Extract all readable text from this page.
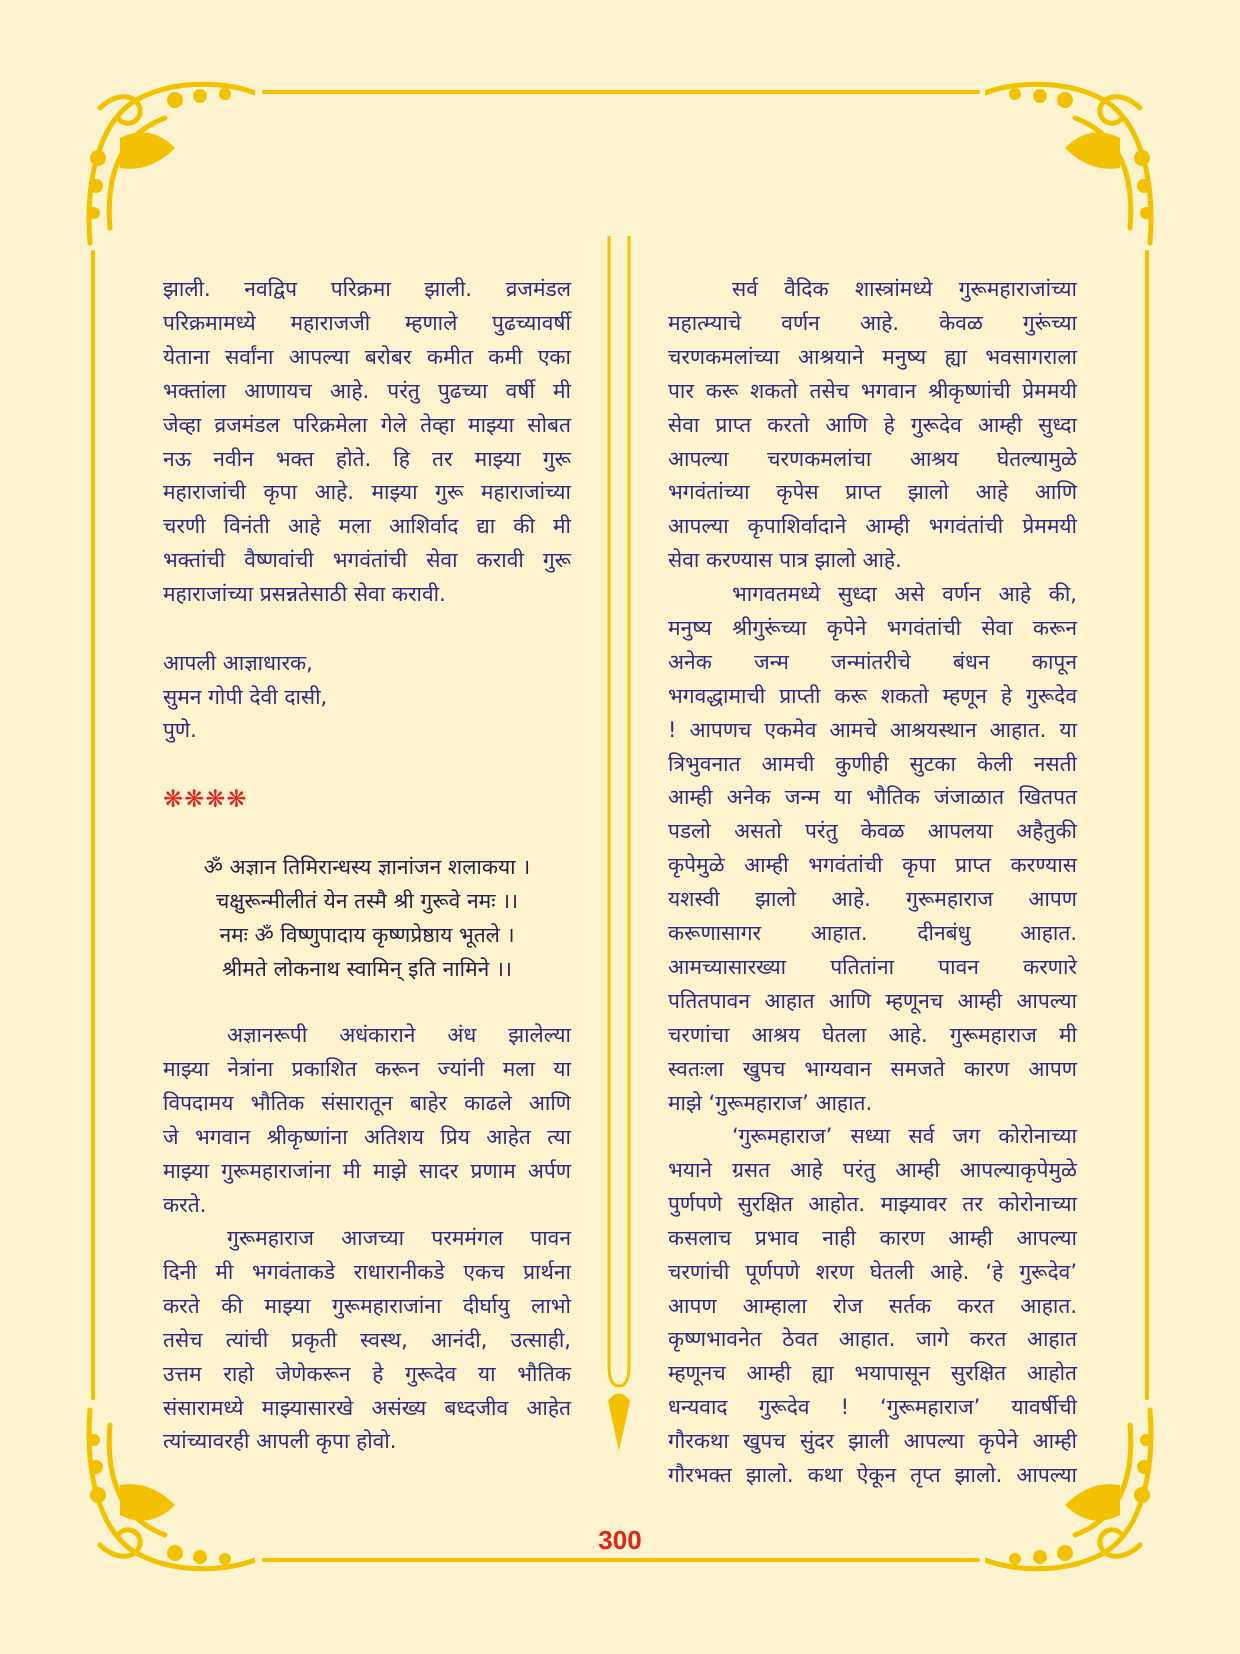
झाली. नवद्विप परिक्रमा झाली. व्रजमंडल
परिक्रमामध्ये महाराजजी म्हणाले पुढच्यावर्षी
येताना सर्वांना आपल्या बरोबर कमीत कमी एका
भक्तांला आणायच आहे. परंतु पुढच्या वर्षी मी
जेव्हा व्रजमंडल परिक्रमेला गेले तेव्हा माझ्या सोबत
नऊ नवीन भक्त होते. हि तर माझ्या गुरू
महाराजांची कृपा आहे. माझ्या गुरू महाराजांच्या
चरणी विनंती आहे मला आशिर्वाद द्या की मी
भक्तांची वैष्णवांची भगवंतांची सेवा करावी गुरू
महाराजांच्या प्रसन्नतेसाठी सेवा करावी.
आपली आज्ञाधारक,
सुमन गोपी देवी दासी,
पुणे.
❋❋❋❋
ॐ अज्ञान तिमिरान्धस्य ज्ञानांजन शलाकया ।
चक्षुरून्मीलीतं येन तस्मै श्री गुरूवे नमः ।।
नमः ॐ विष्णुपादाय कृष्णप्रेष्ठाय भूतले ।
श्रीमते लोकनाथ स्वामिन् इति नामिने ।।
अज्ञानरूपी अधंकाराने अंध झालेल्या
माझ्या नेत्रांना प्रकाशित करून ज्यांनी मला या
विपदामय भौतिक संसारातून बाहेर काढले आणि
जे भगवान श्रीकृष्णांना अतिशय प्रिय आहेत त्या
माझ्या गुरूमहाराजांना मी माझे सादर प्रणाम अर्पण
करते.
गुरूमहाराज आजच्या परममंगल पावन
दिनी मी भगवंताकडे राधारानीकडे एकच प्रार्थना
करते की माझ्या गुरूमहाराजांना दीर्घायु लाभो
तसेच त्यांची प्रकृती स्वस्थ, आनंदी, उत्साही,
उत्तम राहो जेणेकरून हे गुरूदेव या भौतिक
संसारामध्ये माझ्यासारखे असंख्य बध्दजीव आहेत
त्यांच्यावरही आपली कृपा होवो.
सर्व वैदिक शास्त्रांमध्ये गुरूमहाराजांच्या
महात्म्याचे वर्णन आहे. केवळ गुरूंच्या
चरणकमलांच्या आश्रयाने मनुष्य ह्या भवसागराला
पार करू शकतो तसेच भगवान श्रीकृष्णांची प्रेममयी
सेवा प्राप्त करतो आणि हे गुरूदेव आम्ही सुध्दा
आपल्या चरणकमलांचा आश्रय घेतल्यामुळे
भगवंतांच्या कृपेस प्राप्त झालो आहे आणि
आपल्या कृपाशिर्वादाने आम्ही भगवंतांची प्रेममयी
सेवा करण्यास पात्र झालो आहे.
भागवतमध्ये सुध्दा असे वर्णन आहे की,
मनुष्य श्रीगुरूंच्या कृपेने भगवंतांची सेवा करून
अनेक जन्म जन्मांतरीचे बंधन कापून
भगवद्धामाची प्राप्ती करू शकतो म्हणून हे गुरूदेव
! आपणच एकमेव आमचे आश्रयस्थान आहात. या
त्रिभुवनात आमची कुणीही सुटका केली नसती
आम्ही अनेक जन्म या भौतिक जंजाळात खितपत
पडलो असतो परंतु केवळ आपलया अहैतुकी
कृपेमुळे आम्ही भगवंतांची कृपा प्राप्त करण्यास
यशस्वी झालो आहे. गुरूमहाराज आपण
करूणासागर आहात. दीनबंधु आहात.
आमच्यासारख्या पतितांना पावन करणारे
पतितपावन आहात आणि म्हणूनच आम्ही आपल्या
चरणांचा आश्रय घेतला आहे. गुरूमहाराज मी
स्वतःला खुपच भाग्यवान समजते कारण आपण
माझे ‘गुरूमहाराज’ आहात.
‘गुरूमहाराज’ सध्या सर्व जग कोरोनाच्या
भयाने ग्रसत आहे परंतु आम्ही आपल्याकृपेमुळे
पुर्णपणे सुरक्षित आहोत. माझ्यावर तर कोरोनाच्या
कसलाच प्रभाव नाही कारण आम्ही आपल्या
चरणांची पूर्णपणे शरण घेतली आहे. ‘हे गुरूदेव’
आपण आम्हाला रोज सर्तक करत आहात.
कृष्णभावनेत ठेवत आहात. जागे करत आहात
म्हणूनच आम्ही ह्या भयापासून सुरक्षित आहोत
धन्यवाद गुरूदेव ! ‘गुरूमहाराज’ यावर्षीची
गौरकथा खुपच सुंदर झाली आपल्या कृपेने आम्ही
गौरभक्त झालो. कथा ऐकून तृप्त झालो. आपल्या
300
